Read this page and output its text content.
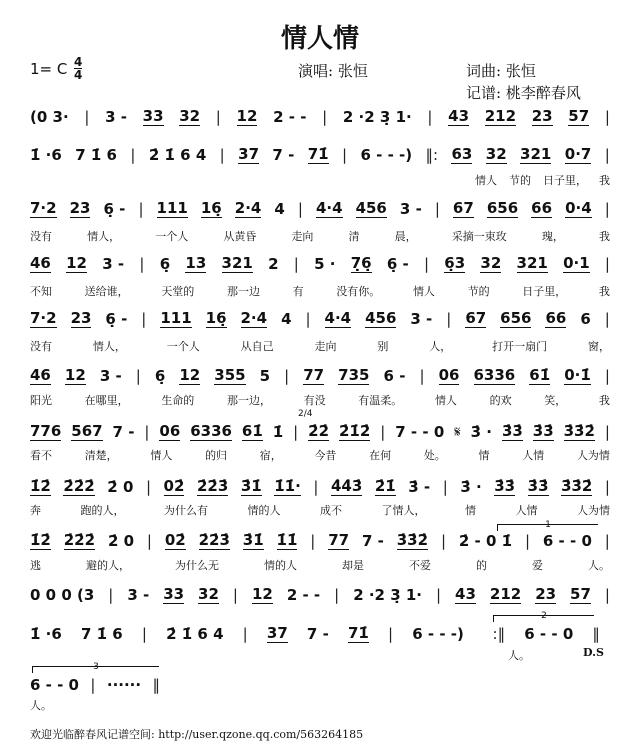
情人情
1= C 4
4	演唱: 张恒	词曲: 张恒
记谱: 桃李醉春风
(0 3· | 3 - 33 32 | 12 2 - - | 2 ·2 3̣ 1· | 43 212 23 57 |
1̇ ·6 7 1̇ 6 | 2̇ 1̇ 6 4 | 37 7 - 71̇ | 6 - - -) ‖: 63 32 321 0·7 |
情人 节的 日子里， 我
7·2 23 6̣ - | 111 16̣ 2·4 4 | 4·4 456 3 - | 67 656 66 0·4 |
没有	情人，	一个人	从黄昏	走向	清	晨，	采摘一束玫	瑰，	我
46 12 3 - | 6̣ 13 321 2 | 5 · 7̣6̣ 6̣ - | 6̣3 32 321 0·1 |
不知	送给谁，	天堂的	那一边	有	没有你。	情人	节的	日子里，	我
7·2 23 6̣ - | 111 16̣ 2·4 4 | 4·4 456 3 - | 67 656 66 6 |
没有	情人，	一个人	从自己	走向	别	人，	打开一扇门	窗，
46 12 3 - | 6̣ 12 355 5 | 77 735 6 - | 06 6336 61̇ 0·1̇ |
阳光	在哪里，	生命的	那一边，	有没	有温柔。	情人	的欢	笑，	我
776 567 7 - | 06 6336 61̇ 1̇ | 2̇2̇ 2̇1̇2̇ | 7 - - 0 𝄋 3̇ · 3̇3̇ 3̇3̇ 3̇3̇2̇ |
看不	清楚，	情人	的归	宿，	今昔	在何	处。	情	人情	人为情
1̇2̇ 2̇2̇2̇ 2̇ 0 | 02̇ 2̇2̇3̇ 3̇1̇ 1̇1̇· | 4̇4̇3̇ 2̇1̇ 3̇ - | 3̇ · 3̇3̇ 3̇3̇ 3̇3̇2̇ |
奔	跑的人，	为什么有	情的人	成不	了情人，	情	人情	人为情
1̇2̇ 2̇2̇2̇ 2̇ 0 | 02̇ 2̇2̇3̇ 3̇1̇ 1̇1̇ | 77 7 - 3̇3̇2̇ | 2̇ - 0 1̇ | 6 - - 0 |
逃	避的人，	为什么无	情的人	却是	不爱	的	爱	人。
0 0 0 (3 | 3 - 33 32 | 12 2 - - | 2 ·2 3̣ 1· | 43 212 23 57 |
1̇ ·6 7 1̇ 6 | 2̇ 1̇ 6 4 | 37 7 - 71̇ | 6 - - -) :‖ 6 - - 0 ‖
6 - - 0 | ······ ‖
人。
2/4
1
2
3
人。	D.S
欢迎光临醉春风记谱空间: http://user.qzone.qq.com/563264185
